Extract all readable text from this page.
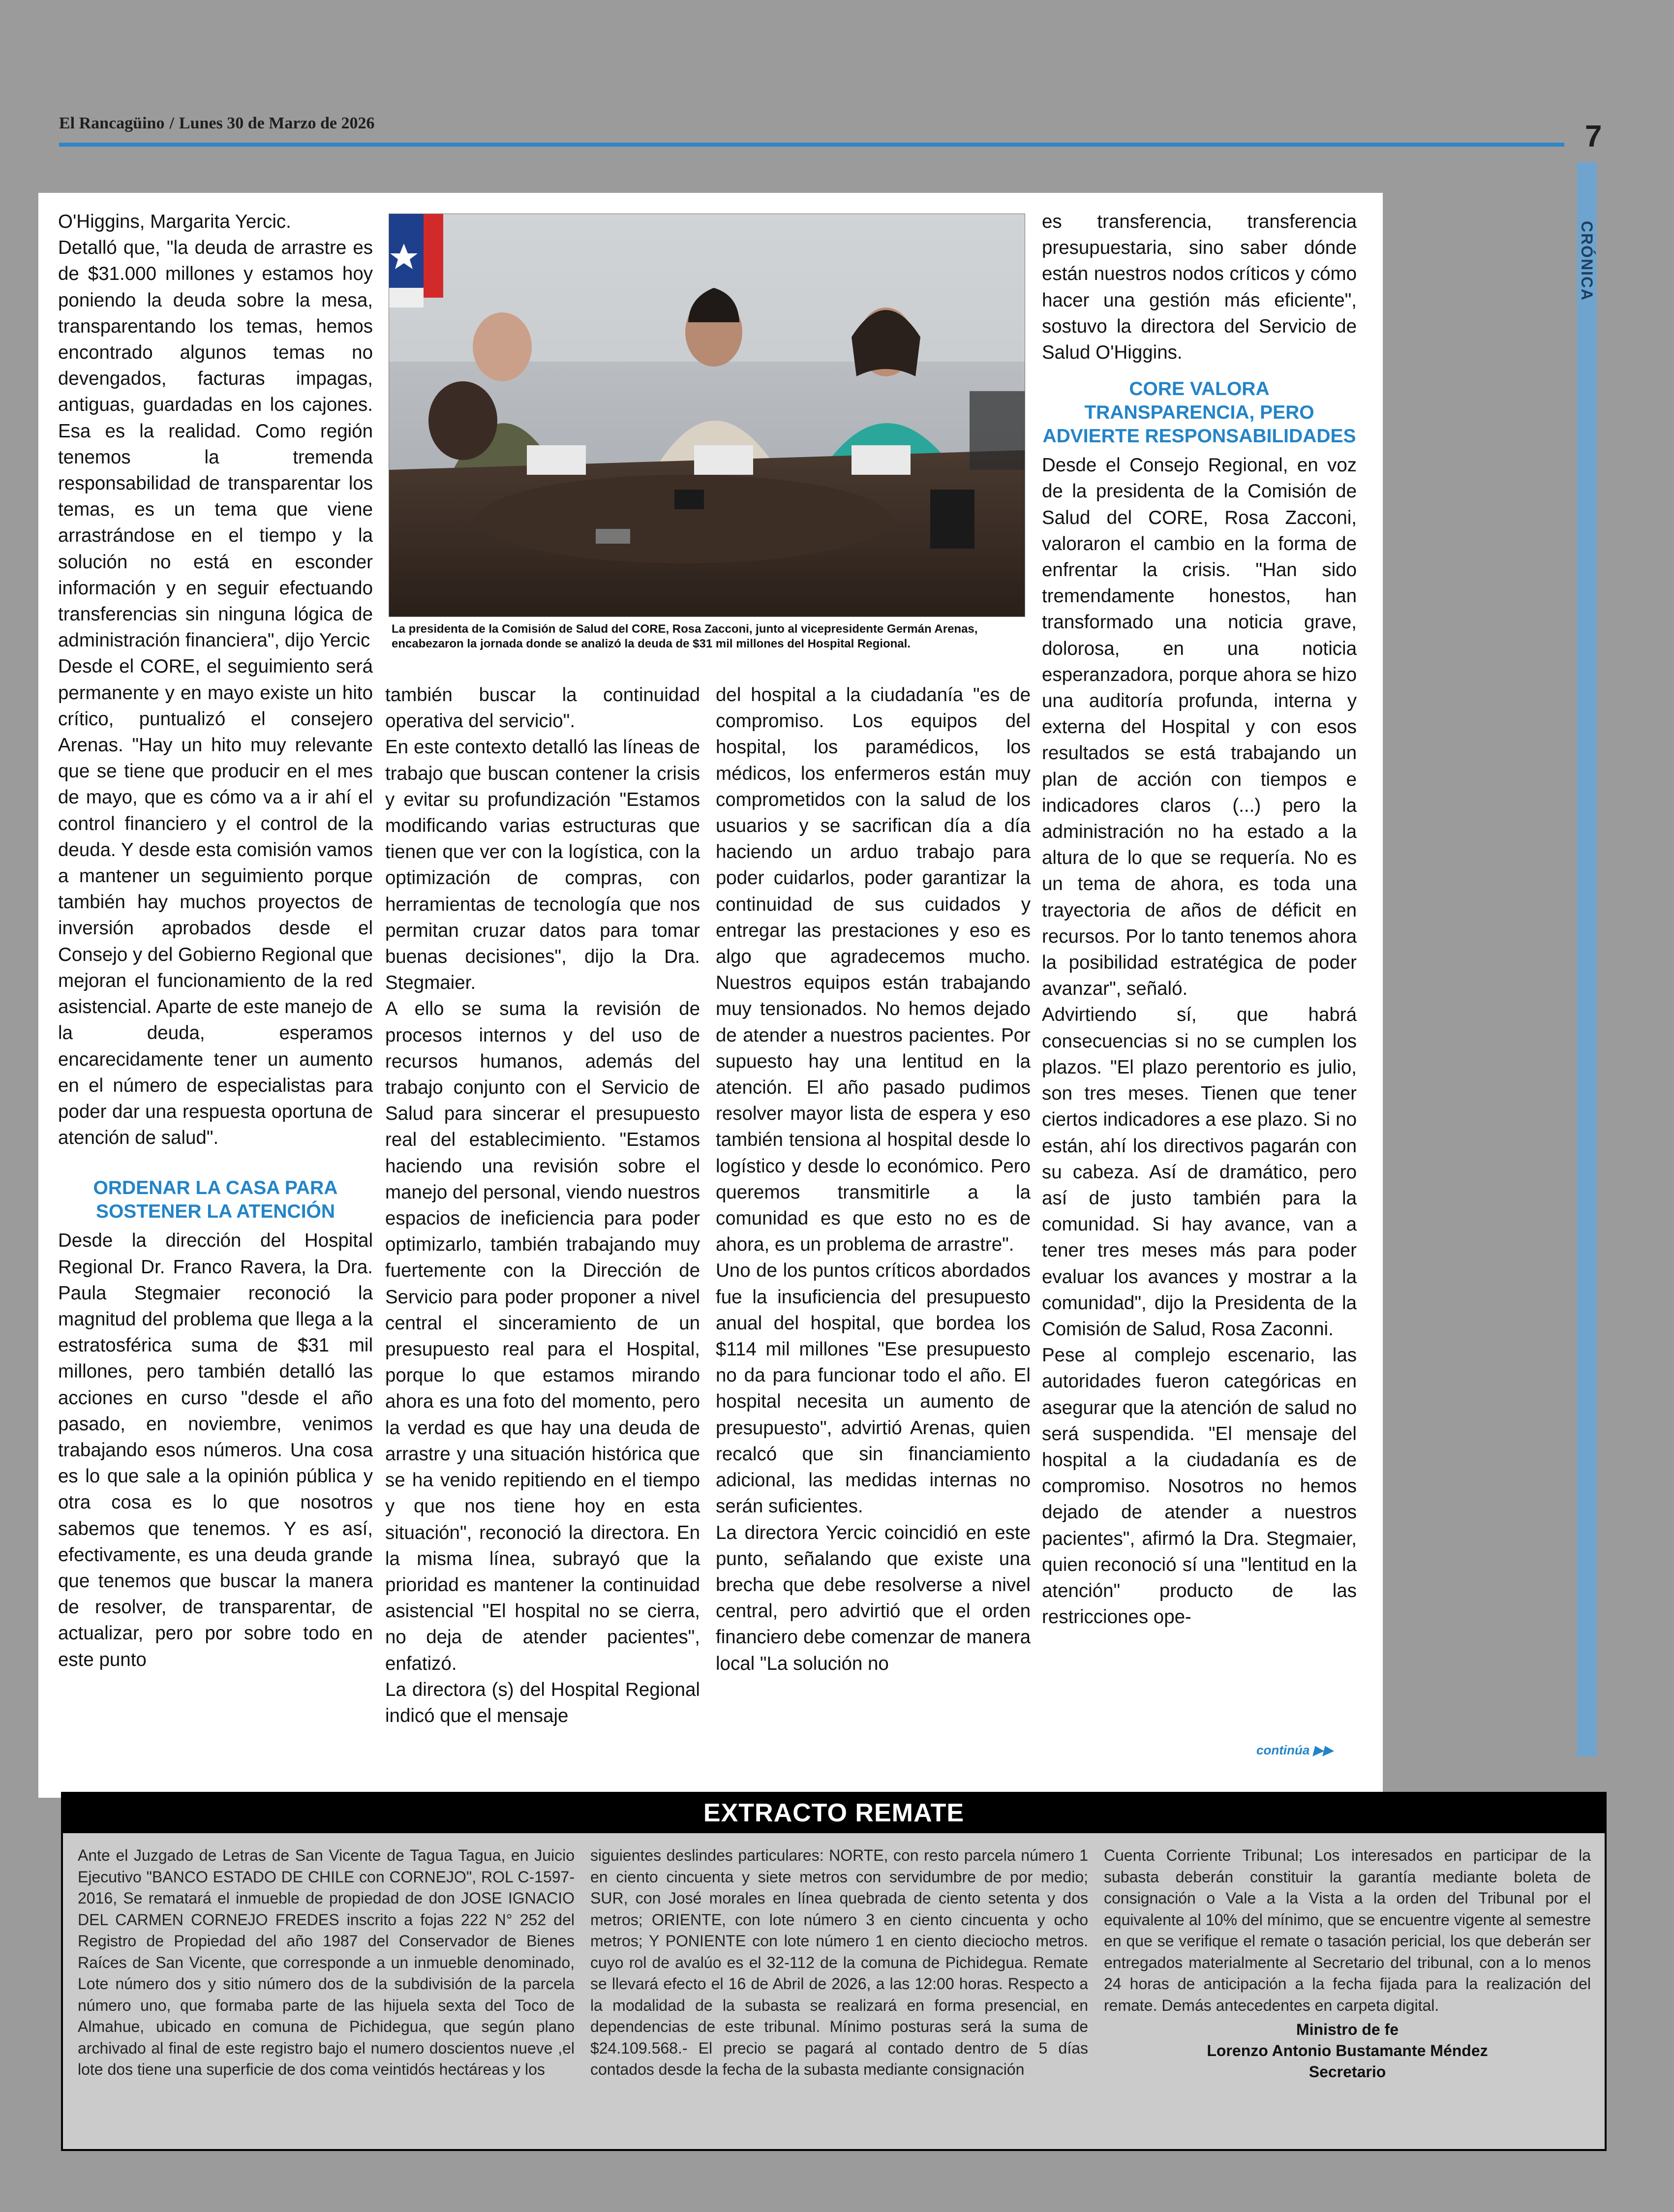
El Rancagüino / Lunes 30 de Marzo de 2026	7
CRÓNICA

O'Higgins, Margarita Yercic.

Detalló que, "la deuda de arrastre es de $31.000 millones y estamos hoy poniendo la deuda sobre la mesa, transparentando los temas, hemos encontrado algunos temas no devengados, facturas impagas, antiguas, guardadas en los cajones. Esa es la realidad. Como región tenemos la tremenda responsabilidad de transparentar los temas, es un tema que viene arrastrándose en el tiempo y la solución no está en esconder información y en seguir efectuando transferencias sin ninguna lógica de administración financiera", dijo Yercic

Desde el CORE, el seguimiento será permanente y en mayo existe un hito crítico, puntualizó el consejero Arenas. "Hay un hito muy relevante que se tiene que producir en el mes de mayo, que es cómo va a ir ahí el control financiero y el control de la deuda. Y desde esta comisión vamos a mantener un seguimiento porque también hay muchos proyectos de inversión aprobados desde el Consejo y del Gobierno Regional que mejoran el funcionamiento de la red asistencial. Aparte de este manejo de la deuda, esperamos encarecidamente tener un aumento en el número de especialistas para poder dar una respuesta oportuna de atención de salud".

ORDENAR LA CASA PARA SOSTENER LA ATENCIÓN

Desde la dirección del Hospital Regional Dr. Franco Ravera, la Dra. Paula Stegmaier reconoció la magnitud del problema que llega a la estratosférica suma de $31 mil millones, pero también detalló las acciones en curso "desde el año pasado, en noviembre, venimos trabajando esos números. Una cosa es lo que sale a la opinión pública y otra cosa es lo que nosotros sabemos que tenemos. Y es así, efectivamente, es una deuda grande que tenemos que buscar la manera de resolver, de transparentar, de actualizar, pero por sobre todo en este punto

La presidenta de la Comisión de Salud del CORE, Rosa Zacconi, junto al vicepresidente Germán Arenas, encabezaron la jornada donde se analizó la deuda de $31 mil millones del Hospital Regional.

también buscar la continuidad operativa del servicio".

En este contexto detalló las líneas de trabajo que buscan contener la crisis y evitar su profundización "Estamos modificando varias estructuras que tienen que ver con la logística, con la optimización de compras, con herramientas de tecnología que nos permitan cruzar datos para tomar buenas decisiones", dijo la Dra. Stegmaier.

A ello se suma la revisión de procesos internos y del uso de recursos humanos, además del trabajo conjunto con el Servicio de Salud para sincerar el presupuesto real del establecimiento. "Estamos haciendo una revisión sobre el manejo del personal, viendo nuestros espacios de ineficiencia para poder optimizarlo, también trabajando muy fuertemente con la Dirección de Servicio para poder proponer a nivel central el sinceramiento de un presupuesto real para el Hospital, porque lo que estamos mirando ahora es una foto del momento, pero la verdad es que hay una deuda de arrastre y una situación histórica que se ha venido repitiendo en el tiempo y que nos tiene hoy en esta situación", reconoció la directora. En la misma línea, subrayó que la prioridad es mantener la continuidad asistencial "El hospital no se cierra, no deja de atender pacientes", enfatizó.

La directora (s) del Hospital Regional indicó que el mensaje

del hospital a la ciudadanía "es de compromiso. Los equipos del hospital, los paramédicos, los médicos, los enfermeros están muy comprometidos con la salud de los usuarios y se sacrifican día a día haciendo un arduo trabajo para poder cuidarlos, poder garantizar la continuidad de sus cuidados y entregar las prestaciones y eso es algo que agradecemos mucho. Nuestros equipos están trabajando muy tensionados. No hemos dejado de atender a nuestros pacientes. Por supuesto hay una lentitud en la atención. El año pasado pudimos resolver mayor lista de espera y eso también tensiona al hospital desde lo logístico y desde lo económico. Pero queremos transmitirle a la comunidad es que esto no es de ahora, es un problema de arrastre".

Uno de los puntos críticos abordados fue la insuficiencia del presupuesto anual del hospital, que bordea los $114 mil millones "Ese presupuesto no da para funcionar todo el año. El hospital necesita un aumento de presupuesto", advirtió Arenas, quien recalcó que sin financiamiento adicional, las medidas internas no serán suficientes.

La directora Yercic coincidió en este punto, señalando que existe una brecha que debe resolverse a nivel central, pero advirtió que el orden financiero debe comenzar de manera local "La solución no

es transferencia, transferencia presupuestaria, sino saber dónde están nuestros nodos críticos y cómo hacer una gestión más eficiente", sostuvo la directora del Servicio de Salud O'Higgins.

CORE VALORA TRANSPARENCIA, PERO ADVIERTE RESPONSABILIDADES

Desde el Consejo Regional, en voz de la presidenta de la Comisión de Salud del CORE, Rosa Zacconi, valoraron el cambio en la forma de enfrentar la crisis. "Han sido tremendamente honestos, han transformado una noticia grave, dolorosa, en una noticia esperanzadora, porque ahora se hizo una auditoría profunda, interna y externa del Hospital y con esos resultados se está trabajando un plan de acción con tiempos e indicadores claros (...) pero la administración no ha estado a la altura de lo que se requería. No es un tema de ahora, es toda una trayectoria de años de déficit en recursos. Por lo tanto tenemos ahora la posibilidad estratégica de poder avanzar", señaló.

Advirtiendo sí, que habrá consecuencias si no se cumplen los plazos. "El plazo perentorio es julio, son tres meses. Tienen que tener ciertos indicadores a ese plazo. Si no están, ahí los directivos pagarán con su cabeza. Así de dramático, pero así de justo también para la comunidad. Si hay avance, van a tener tres meses más para poder evaluar los avances y mostrar a la comunidad", dijo la Presidenta de la Comisión de Salud, Rosa Zaconni.

Pese al complejo escenario, las autoridades fueron categóricas en asegurar que la atención de salud no será suspendida. "El mensaje del hospital a la ciudadanía es de compromiso. Nosotros no hemos dejado de atender a nuestros pacientes", afirmó la Dra. Stegmaier, quien reconoció sí una "lentitud en la atención" producto de las restricciones ope-

continúa ▶▶
EXTRACTO REMATE
Ante el Juzgado de Letras de San Vicente de Tagua Tagua, en Juicio Ejecutivo "BANCO ESTADO DE CHILE con CORNEJO", ROL C-1597-2016, Se rematará el inmueble de propiedad de don JOSE IGNACIO DEL CARMEN CORNEJO FREDES inscrito a fojas 222 N° 252 del Registro de Propiedad del año 1987 del Conservador de Bienes Raíces de San Vicente, que corresponde a un inmueble denominado, Lote número dos y sitio número dos de la subdivisión de la parcela número uno, que formaba parte de las hijuela sexta del Toco de Almahue, ubicado en comuna de Pichidegua, que según plano archivado al final de este registro bajo el numero doscientos nueve ,el lote dos tiene una superficie de dos coma veintidós hectáreas y los
siguientes deslindes particulares: NORTE, con resto parcela número 1 en ciento cincuenta y siete metros con servidumbre de por medio; SUR, con José morales en línea quebrada de ciento setenta y dos metros; ORIENTE, con lote número 3 en ciento cincuenta y ocho metros; Y PONIENTE con lote número 1 en ciento dieciocho metros. cuyo rol de avalúo es el 32-112 de la comuna de Pichidegua. Remate se llevará efecto el 16 de Abril de 2026, a las 12:00 horas. Respecto a la modalidad de la subasta se realizará en forma presencial, en dependencias de este tribunal. Mínimo posturas será la suma de $24.109.568.- El precio se pagará al contado dentro de 5 días contados desde la fecha de la subasta mediante consignación
Cuenta Corriente Tribunal; Los interesados en participar de la subasta deberán constituir la garantía mediante boleta de consignación o Vale a la Vista a la orden del Tribunal por el equivalente al 10% del mínimo, que se encuentre vigente al semestre en que se verifique el remate o tasación pericial, los que deberán ser entregados materialmente al Secretario del tribunal, con a lo menos 24 horas de anticipación a la fecha fijada para la realización del remate. Demás antecedentes en carpeta digital.
Ministro de fe
Lorenzo Antonio Bustamante Méndez
Secretario
